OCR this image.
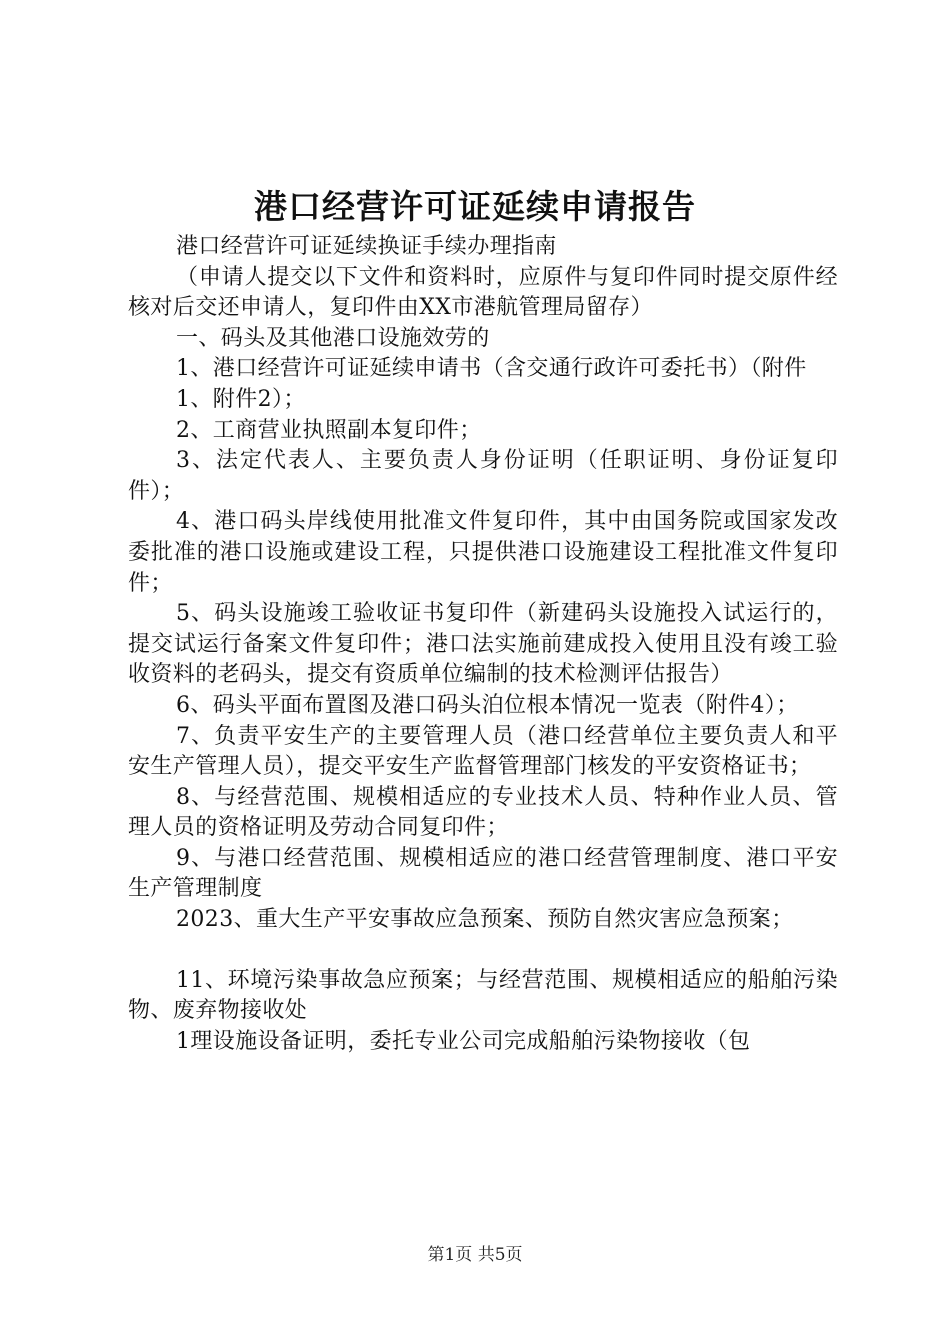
港口经营许可证延续申请报告

港口经营许可证延续换证手续办理指南

（申请人提交以下文件和资料时，应原件与复印件同时提交原件经核对后交还申请人，复印件由XX市港航管理局留存）

一、码头及其他港口设施效劳的

1、港口经营许可证延续申请书（含交通行政许可委托书）（附件

1、附件2）；

2、工商营业执照副本复印件；

3、法定代表人、主要负责人身份证明（任职证明、身份证复印件）；

4、港口码头岸线使用批准文件复印件，其中由国务院或国家发改委批准的港口设施或建设工程，只提供港口设施建设工程批准文件复印件；

5、码头设施竣工验收证书复印件（新建码头设施投入试运行的，提交试运行备案文件复印件；港口法实施前建成投入使用且没有竣工验收资料的老码头，提交有资质单位编制的技术检测评估报告）

6、码头平面布置图及港口码头泊位根本情况一览表（附件4）；

7、负责平安生产的主要管理人员（港口经营单位主要负责人和平安生产管理人员），提交平安生产监督管理部门核发的平安资格证书；

8、与经营范围、规模相适应的专业技术人员、特种作业人员、管理人员的资格证明及劳动合同复印件；

9、与港口经营范围、规模相适应的港口经营管理制度、港口平安生产管理制度

2023、重大生产平安事故应急预案、预防自然灾害应急预案；

11、环境污染事故急应预案；与经营范围、规模相适应的船舶污染物、废弃物接收处

1理设施设备证明，委托专业公司完成船舶污染物接收（包

第1页 共5页
